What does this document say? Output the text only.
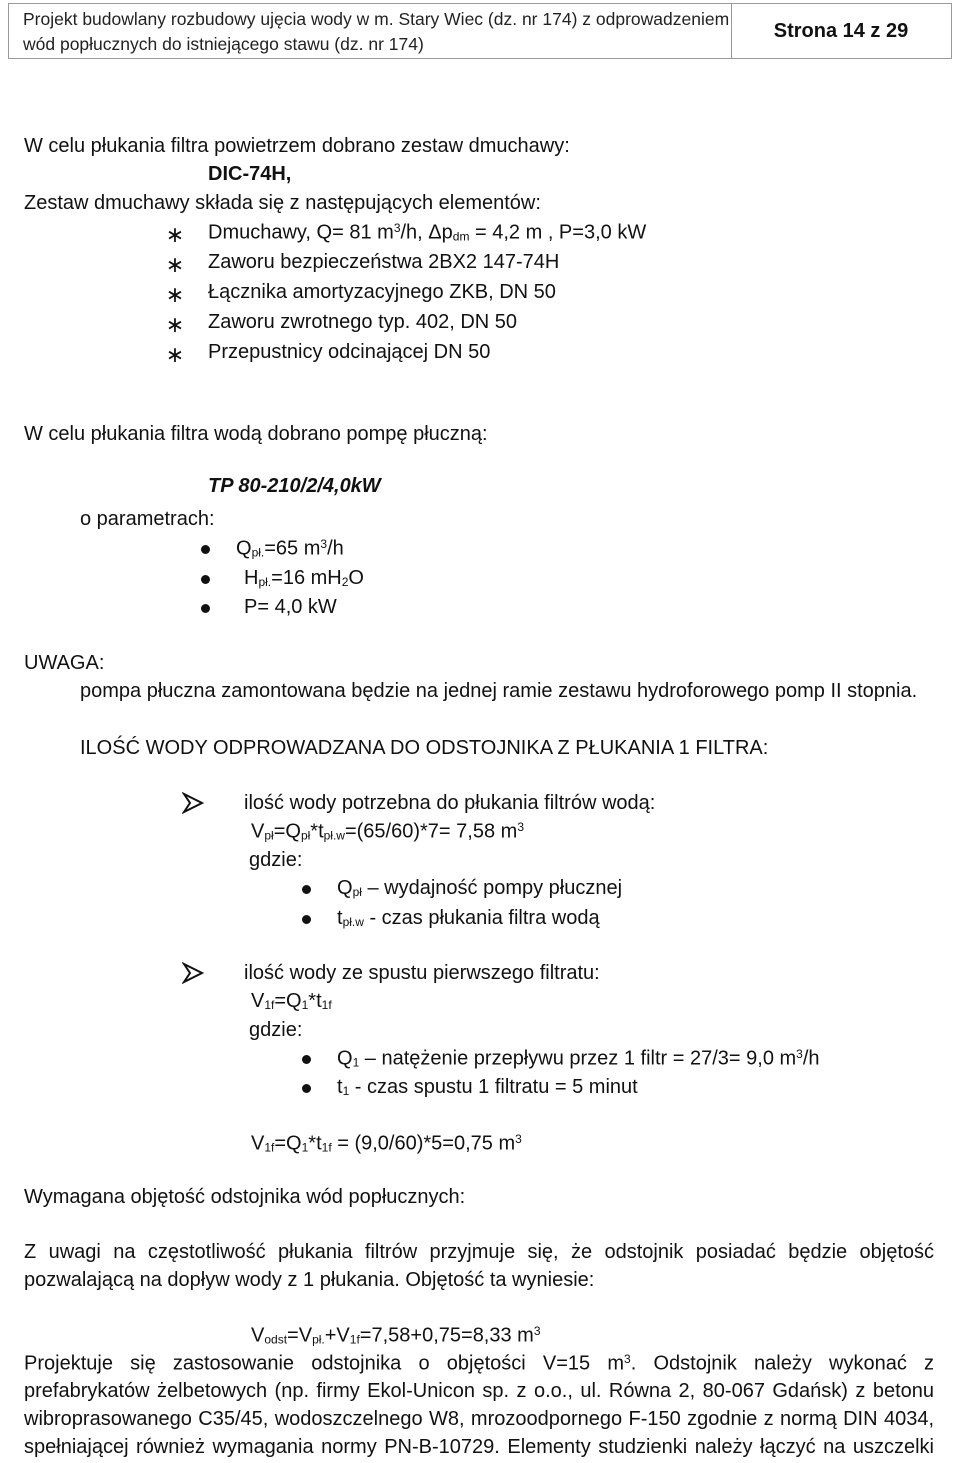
Projekt budowlany rozbudowy ujęcia wody w m. Stary Wiec (dz. nr 174) z odprowadzeniem
wód popłucznych do istniejącego stawu (dz. nr 174)
Strona 14 z 29
W celu płukania filtra powietrzem dobrano zestaw dmuchawy:
DIC-74H,
Zestaw dmuchawy składa się z następujących elementów:
∗ Dmuchawy, Q= 81 $m^3/h$, $\Delta p_{dm} = 4,2$ m , P=3,0 kW
∗ Zaworu bezpieczeństwa 2BX2 147-74H
∗ Łącznika amortyzacyjnego ZKB, DN 50
∗ Zaworu zwrotnego typ. 402, DN 50
∗ Przepustnicy odcinającej DN 50
W celu płukania filtra wodą dobrano pompę płuczną:
TP 80-210/2/4,0kW
o parametrach:
$Q_{pł.}=65$ $m^3/h$
$H_{pł.}=16$ $mH_2O$
P= 4,0 kW
UWAGA:
pompa płuczna zamontowana będzie na jednej ramie zestawu hydroforowego pomp II stopnia.
ILOŚĆ WODY ODPROWADZANA DO ODSTOJNIKA Z PŁUKANIA 1 FILTRA:
ilość wody potrzebna do płukania filtrów wodą:
$V_{pł}=Q_{pł}*t_{pł.w}=(65/60)*7= 7,58$ $m^3$
gdzie:
$Q_{pł}$ – wydajność pompy płucznej
$t_{pł.w}$ - czas płukania filtra wodą
ilość wody ze spustu pierwszego filtratu:
$V_{1f}=Q_1*t_{1f}$
gdzie:
$Q_1$ – natężenie przepływu przez 1 filtr = 27/3= 9,0 $m^3/h$
$t_1$ - czas spustu 1 filtratu = 5 minut
$V_{1f}=Q_1*t_{1f} = (9,0/60)*5=0,75$ $m^3$
Wymagana objętość odstojnika wód popłucznych:
Z uwagi na częstotliwość płukania filtrów przyjmuje się, że odstojnik posiadać będzie objętość
pozwalającą na dopływ wody z 1 płukania. Objętość ta wyniesie:
$V_{odst}=V_{pł.}+V_{1f}=7,58+0,75=8,33$ $m^3$
Projektuje się zastosowanie odstojnika o objętości V=15 $m^3$. Odstojnik należy wykonać z
prefabrykatów żelbetowych (np. firmy Ekol-Unicon sp. z o.o., ul. Równa 2, 80-067 Gdańsk) z betonu
wibroprasowanego C35/45, wodoszczelnego W8, mrozoodpornego F-150 zgodnie z normą DIN 4034,
spełniającej również wymagania normy PN-B-10729. Elementy studzienki należy łączyć na uszczelki
